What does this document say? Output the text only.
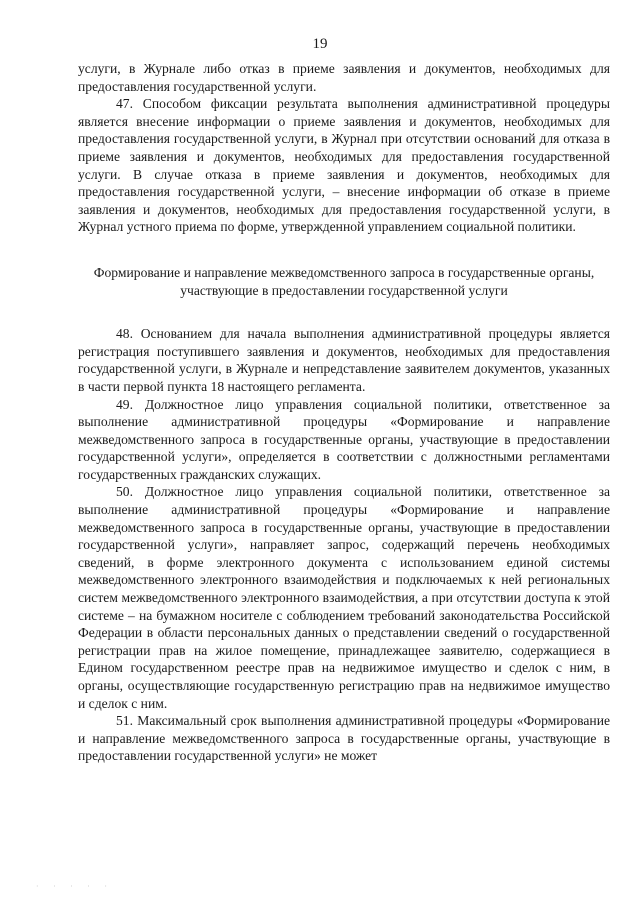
19

услуги, в Журнале либо отказ в приеме заявления и документов, необходимых для предоставления государственной услуги.

47. Способом фиксации результата выполнения административной процедуры является внесение информации о приеме заявления и документов, необходимых для предоставления государственной услуги, в Журнал при отсутствии оснований для отказа в приеме заявления и документов, необходимых для предоставления государственной услуги. В случае отказа в приеме заявления и документов, необходимых для предоставления государственной услуги, – внесение информации об отказе в приеме заявления и документов, необходимых для предоставления государственной услуги, в Журнал устного приема по форме, утвержденной управлением социальной политики.

Формирование и направление межведомственного запроса в государственные органы, участвующие в предоставлении государственной услуги

48. Основанием для начала выполнения административной процедуры является регистрация поступившего заявления и документов, необходимых для предоставления государственной услуги, в Журнале и непредставление заявителем документов, указанных в части первой пункта 18 настоящего регламента.

49. Должностное лицо управления социальной политики, ответственное за выполнение административной процедуры «Формирование и направление межведомственного запроса в государственные органы, участвующие в предоставлении государственной услуги», определяется в соответствии с должностными регламентами государственных гражданских служащих.

50. Должностное лицо управления социальной политики, ответственное за выполнение административной процедуры «Формирование и направление межведомственного запроса в государственные органы, участвующие в предоставлении государственной услуги», направляет запрос, содержащий перечень необходимых сведений, в форме электронного документа с использованием единой системы межведомственного электронного взаимодействия и подключаемых к ней региональных систем межведомственного электронного взаимодействия, а при отсутствии доступа к этой системе – на бумажном носителе с соблюдением требований законодательства Российской Федерации в области персональных данных о представлении сведений о государственной регистрации прав на жилое помещение, принадлежащее заявителю, содержащиеся в Едином государственном реестре прав на недвижимое имущество и сделок с ним, в органы, осуществляющие государственную регистрацию прав на недвижимое имущество и сделок с ним.

51. Максимальный срок выполнения административной процедуры «Формирование и направление межведомственного запроса в государственные органы, участвующие в предоставлении государственной услуги» не может

· · · · ·
